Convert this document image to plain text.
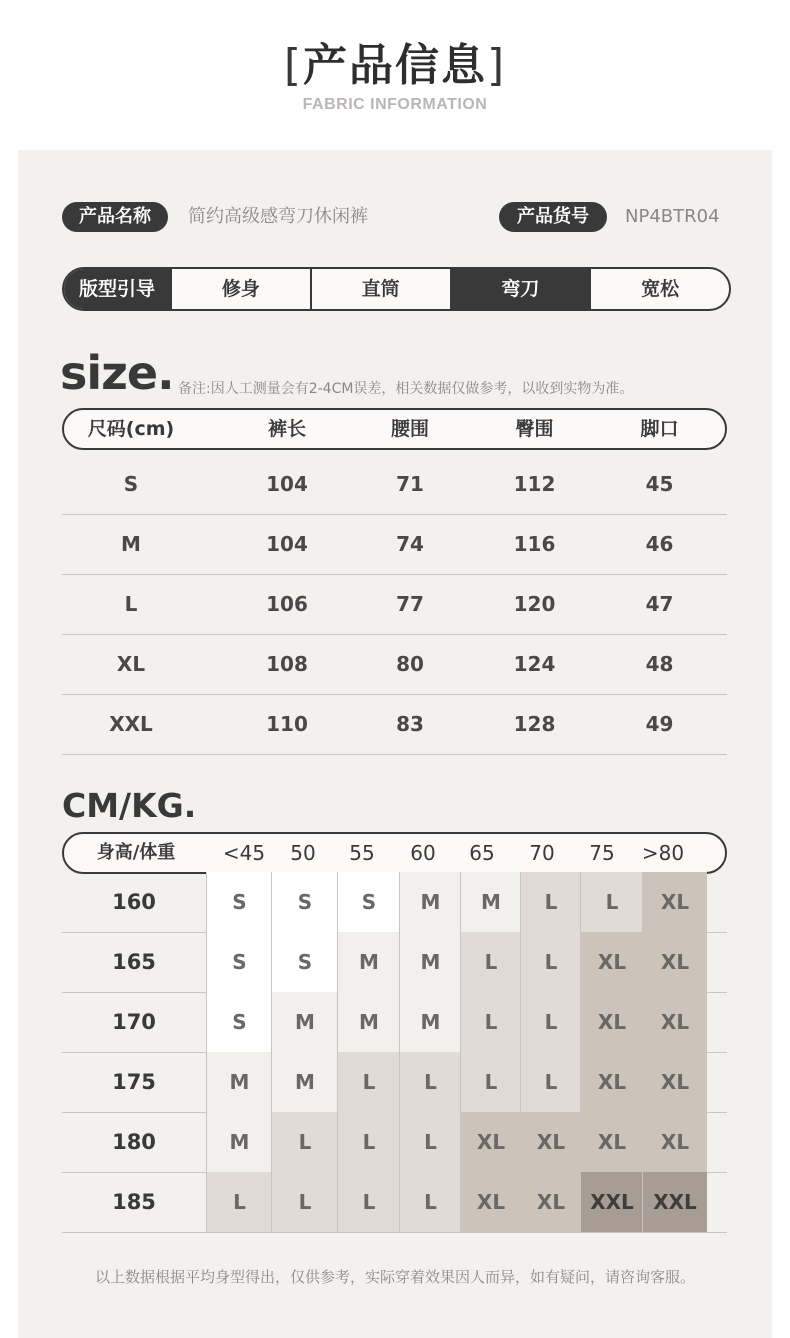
[产品信息]
FABRIC INFORMATION
产品名称	简约高级感弯刀休闲裤	产品货号	NP4BTR04
版型引导	修身	直筒	弯刀	宽松
size. 备注:因人工测量会有2-4CM误差，相关数据仅做参考，以收到实物为准。
尺码(cm)	裤长	腰围	臀围	脚口
S	104	71	112	45
M	104	74	116	46
L	106	77	120	47
XL	108	80	124	48
XXL	110	83	128	49
CM/KG.
身高/体重	<45	50	55	60	65	70	75	>80
160	S	S	S	M	M	L	L	XL
165	S	S	M	M	L	L	XL	XL
170	S	M	M	M	L	L	XL	XL
175	M	M	L	L	L	L	XL	XL
180	M	L	L	L	XL	XL	XL	XL
185	L	L	L	L	XL	XL	XXL XXL
以上数据根据平均身型得出，仅供参考，实际穿着效果因人而异，如有疑问，请咨询客服。
